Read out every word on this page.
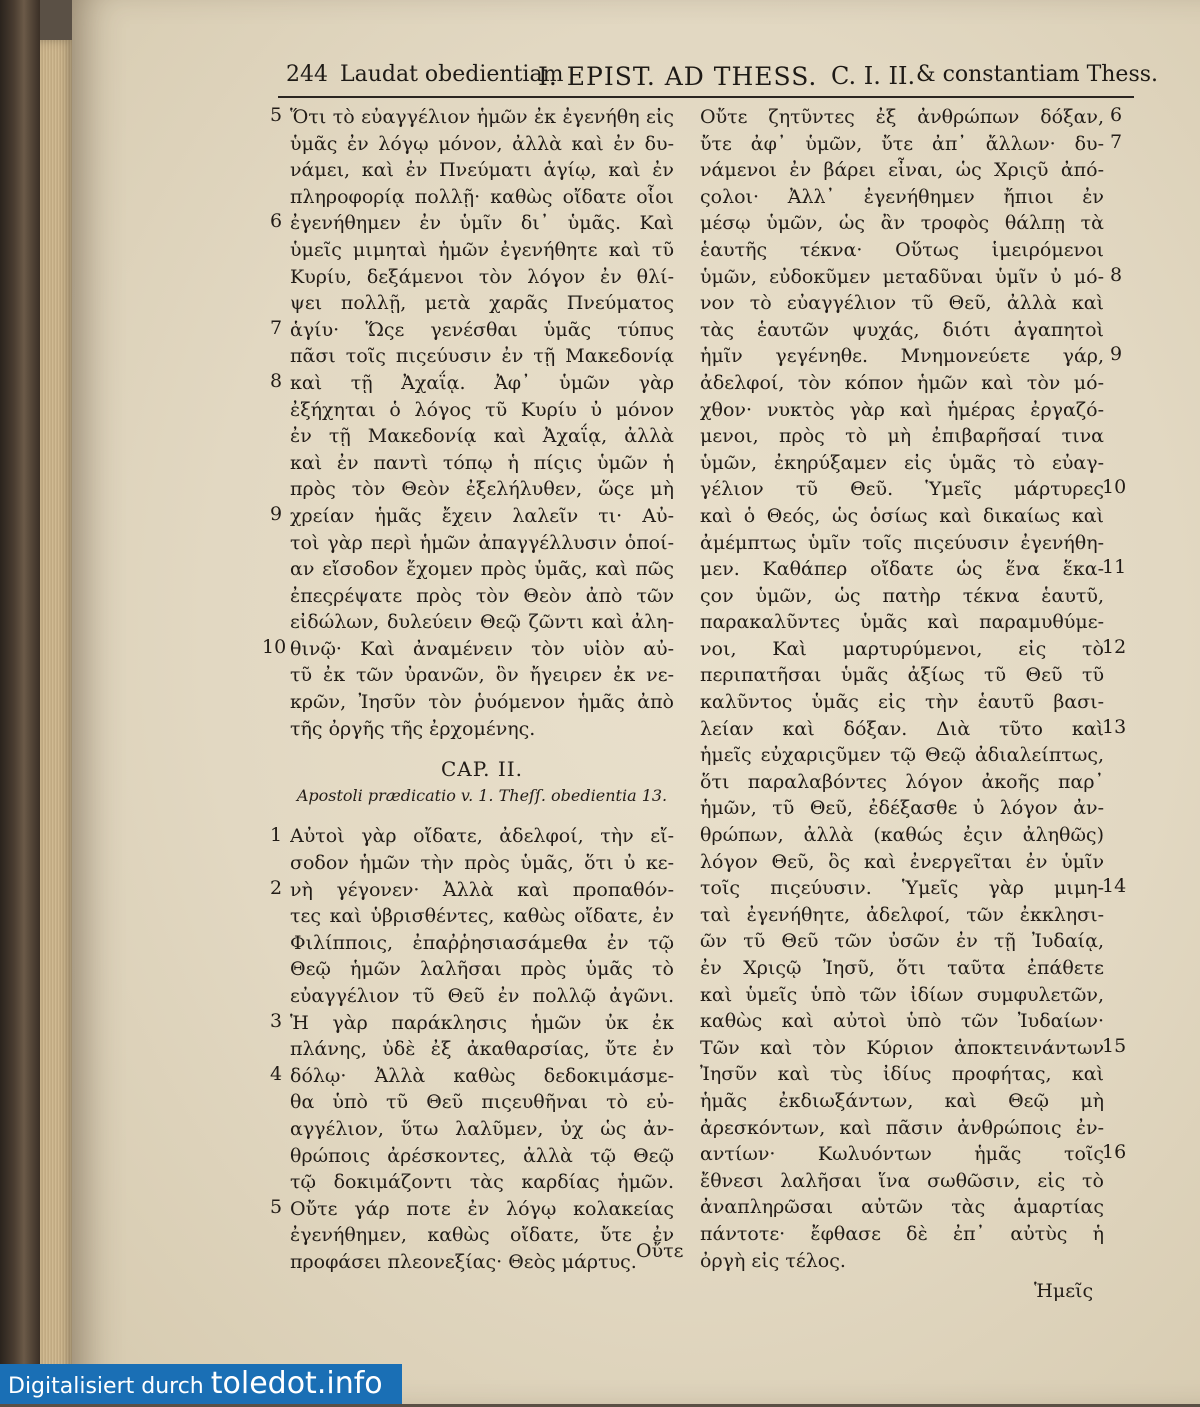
244 Laudat obedientiam
I. EPIST. AD THESS. C. I. II. & constantiam Thess.
Ὅτι τὸ εὐαγγέλιον ἡμῶν ἐκ ἐγενήθη εἰς
ὑμᾶς ἐν λόγῳ μόνον, ἀλλὰ καὶ ἐν δυ-
νάμει, καὶ ἐν Πνεύματι ἁγίῳ, καὶ ἐν
πληροφορίᾳ πολλῇ· καθὼς οἴδατε οἷοι
ἐγενήθημεν ἐν ὑμῖν δι᾽ ὑμᾶς. Καὶ
ὑμεῖς μιμηταὶ ἡμῶν ἐγενήθητε καὶ τῦ
Κυρίυ, δεξάμενοι τὸν λόγον ἐν θλί-
ψει πολλῇ, μετὰ χαρᾶς Πνεύματος
ἁγίυ· Ὥςε γενέσθαι ὑμᾶς τύπυς
πᾶσι τοῖς πιςεύυσιν ἐν τῇ Μακεδονίᾳ
καὶ τῇ Ἀχαΐᾳ. Ἀφ᾽ ὑμῶν γὰρ
ἐξήχηται ὁ λόγος τῦ Κυρίυ ὐ μόνον
ἐν τῇ Μακεδονίᾳ καὶ Ἀχαΐᾳ, ἀλλὰ
καὶ ἐν παντὶ τόπῳ ἡ πίςις ὑμῶν ἡ
πρὸς τὸν Θεὸν ἐξελήλυθεν, ὥςε μὴ
χρείαν ἡμᾶς ἔχειν λαλεῖν τι· Αὐ-
τοὶ γὰρ περὶ ἡμῶν ἀπαγγέλλυσιν ὁποί-
αν εἴσοδον ἔχομεν πρὸς ὑμᾶς, καὶ πῶς
ἐπεςρέψατε πρὸς τὸν Θεὸν ἀπὸ τῶν
εἰδώλων, δυλεύειν Θεῷ ζῶντι καὶ ἀλη-
θινῷ· Καὶ ἀναμένειν τὸν υἱὸν αὐ-
τῦ ἐκ τῶν ὐρανῶν, ὃν ἤγειρεν ἐκ νε-
κρῶν, Ἰησῦν τὸν ῥυόμενον ἡμᾶς ἀπὸ
τῆς ὀργῆς τῆς ἐρχομένης.
CAP. II.
Apostoli prædicatio v. 1. Theſſ. obedientia 13.
Αὐτοὶ γὰρ οἴδατε, ἀδελφοί, τὴν εἴ-
σοδον ἡμῶν τὴν πρὸς ὑμᾶς, ὅτι ὐ κε-
νὴ γέγονεν· Ἀλλὰ καὶ προπαθόν-
τες καὶ ὑβρισθέντες, καθὼς οἴδατε, ἐν
Φιλίπποις, ἐπαῤῥησιασάμεθα ἐν τῷ
Θεῷ ἡμῶν λαλῆσαι πρὸς ὑμᾶς τὸ
εὐαγγέλιον τῦ Θεῦ ἐν πολλῷ ἀγῶνι.
Ἡ γὰρ παράκλησις ἡμῶν ὐκ ἐκ
πλάνης, ὐδὲ ἐξ ἀκαθαρσίας, ὔτε ἐν
δόλῳ· Ἀλλὰ καθὼς δεδοκιμάσμε-
θα ὑπὸ τῦ Θεῦ πιςευθῆναι τὸ εὐ-
αγγέλιον, ὕτω λαλῦμεν, ὐχ ὡς ἀν-
θρώποις ἀρέσκοντες, ἀλλὰ τῷ Θεῷ
τῷ δοκιμάζοντι τὰς καρδίας ἡμῶν.
Οὔτε γάρ ποτε ἐν λόγῳ κολακείας
ἐγενήθημεν, καθὼς οἴδατε, ὔτε ἐν
προφάσει πλεονεξίας· Θεὸς μάρτυς.
Οὔτε ζητῦντες ἐξ ἀνθρώπων δόξαν,
ὔτε ἀφ᾽ ὑμῶν, ὔτε ἀπ᾽ ἄλλων· δυ-
νάμενοι ἐν βάρει εἶναι, ὡς Χριςῦ ἀπό-
ςολοι· Ἀλλ᾽ ἐγενήθημεν ἤπιοι ἐν
μέσῳ ὑμῶν, ὡς ἂν τροφὸς θάλπῃ τὰ
ἑαυτῆς τέκνα· Οὕτως ἱμειρόμενοι
ὑμῶν, εὐδοκῦμεν μεταδῦναι ὑμῖν ὐ μό-
νον τὸ εὐαγγέλιον τῦ Θεῦ, ἀλλὰ καὶ
τὰς ἑαυτῶν ψυχάς, διότι ἀγαπητοὶ
ἡμῖν γεγένηθε. Μνημονεύετε γάρ,
ἀδελφοί, τὸν κόπον ἡμῶν καὶ τὸν μό-
χθον· νυκτὸς γὰρ καὶ ἡμέρας ἐργαζό-
μενοι, πρὸς τὸ μὴ ἐπιβαρῆσαί τινα
ὑμῶν, ἐκηρύξαμεν εἰς ὑμᾶς τὸ εὐαγ-
γέλιον τῦ Θεῦ. Ὑμεῖς μάρτυρες
καὶ ὁ Θεός, ὡς ὁσίως καὶ δικαίως καὶ
ἀμέμπτως ὑμῖν τοῖς πιςεύυσιν ἐγενήθη-
μεν. Καθάπερ οἴδατε ὡς ἕνα ἕκα-
ςον ὑμῶν, ὡς πατὴρ τέκνα ἑαυτῦ,
παρακαλῦντες ὑμᾶς καὶ παραμυθύμε-
νοι, Καὶ μαρτυρύμενοι, εἰς τὸ
περιπατῆσαι ὑμᾶς ἀξίως τῦ Θεῦ τῦ
καλῦντος ὑμᾶς εἰς τὴν ἑαυτῦ βασι-
λείαν καὶ δόξαν. Διὰ τῦτο καὶ
ἡμεῖς εὐχαριςῦμεν τῷ Θεῷ ἀδιαλείπτως,
ὅτι παραλαβόντες λόγον ἀκοῆς παρ᾽
ἡμῶν, τῦ Θεῦ, ἐδέξασθε ὐ λόγον ἀν-
θρώπων, ἀλλὰ (καθώς ἐςιν ἀληθῶς)
λόγον Θεῦ, ὃς καὶ ἐνεργεῖται ἐν ὑμῖν
τοῖς πιςεύυσιν. Ὑμεῖς γὰρ μιμη-
ταὶ ἐγενήθητε, ἀδελφοί, τῶν ἐκκλησι-
ῶν τῦ Θεῦ τῶν ὐσῶν ἐν τῇ Ἰυδαίᾳ,
ἐν Χριςῷ Ἰησῦ, ὅτι ταῦτα ἐπάθετε
καὶ ὑμεῖς ὑπὸ τῶν ἰδίων συμφυλετῶν,
καθὼς καὶ αὐτοὶ ὑπὸ τῶν Ἰυδαίων·
Τῶν καὶ τὸν Κύριον ἀποκτεινάντων
Ἰησῦν καὶ τὺς ἰδίυς προφήτας, καὶ
ἡμᾶς ἐκδιωξάντων, καὶ Θεῷ μὴ
ἀρεσκόντων, καὶ πᾶσιν ἀνθρώποις ἐν-
αντίων· Κωλυόντων ἡμᾶς τοῖς
ἔθνεσι λαλῆσαι ἵνα σωθῶσιν, εἰς τὸ
ἀναπληρῶσαι αὐτῶν τὰς ἁμαρτίας
πάντοτε· ἔφθασε δὲ ἐπ᾽ αὐτὺς ἡ
ὀργὴ εἰς τέλος.
5
6
7
8
9
10
1
2
3
4
5
6
7
8
9
10
11
12
13
14
15
16
Οὔτε
Ἡμεῖς
Digitalisiert durch toledot.info
